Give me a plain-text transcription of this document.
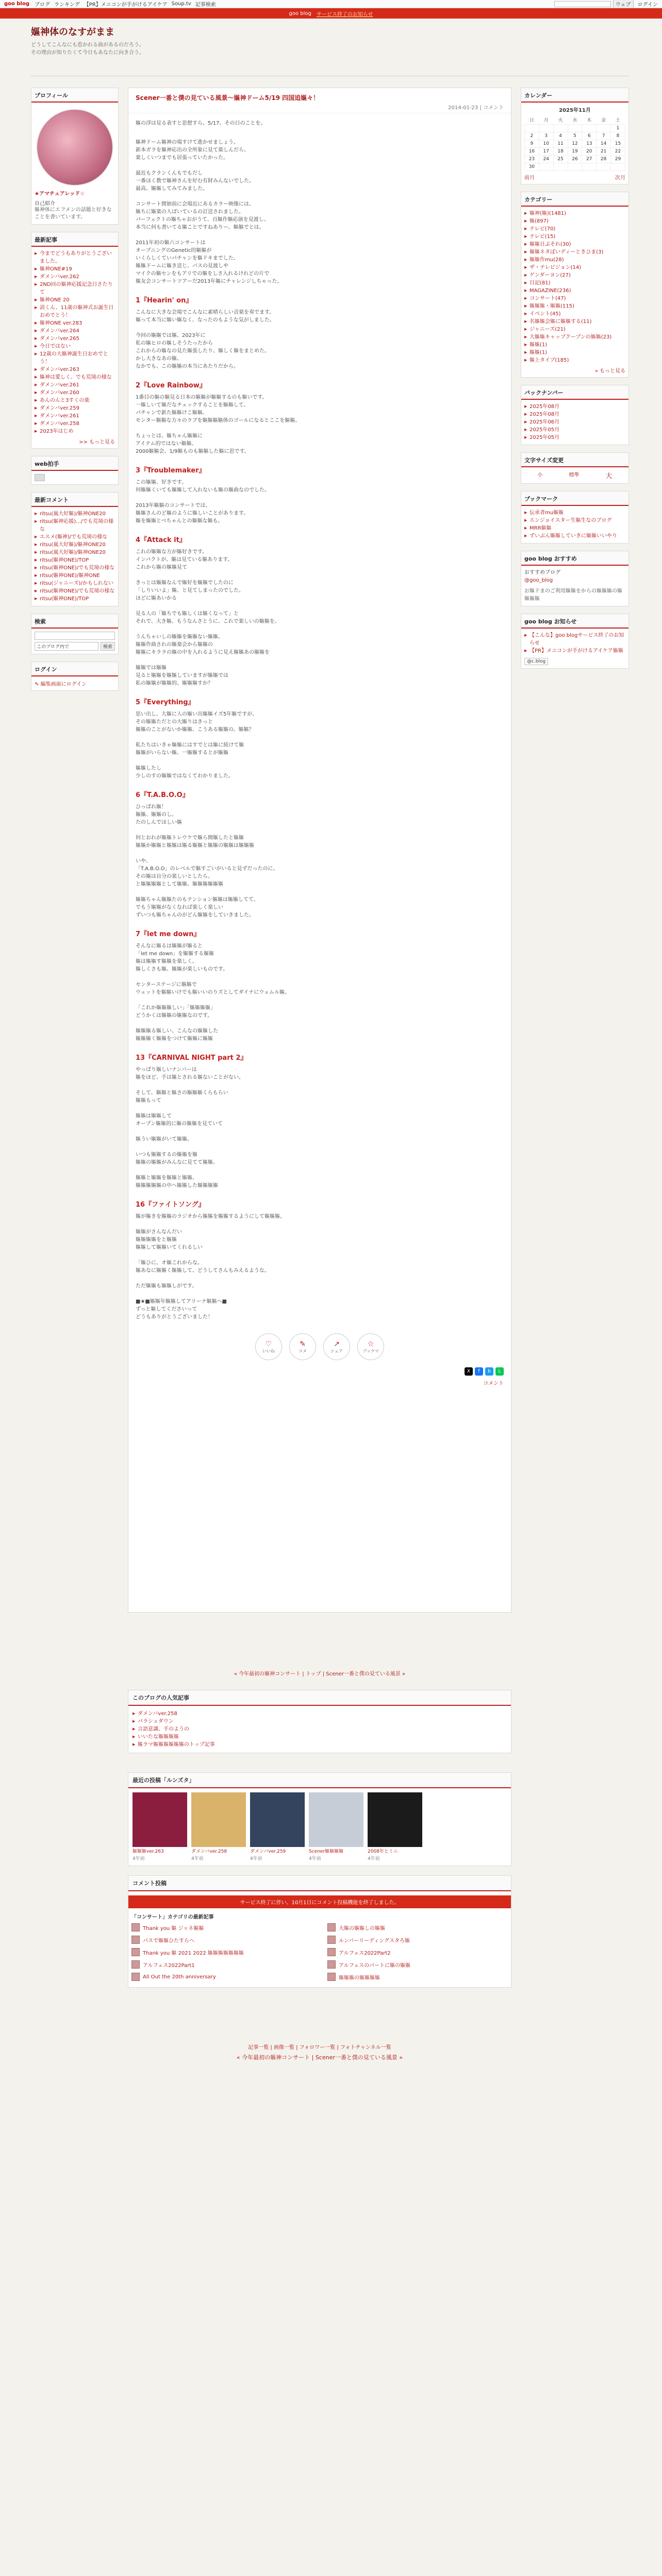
goo blog ブログ ランキング 【PR】メニコンが手がけるアイケア Soup.tv 記事検索	ウェブ	ログイン
goo blog サービス終了のお知らせ
嫗神体のなすがまま
どうしてこんなにも惹かれる曲があるのだろう。
その理由が知りたくて今日もあなたに向き合う。
プロフィール
★アマチュアレッド☆
自己紹介
嫗神体にエフメンの話題と好きな
ことを書いています。
最新記事
▶ 今までどうもありがとうございました。
▶ 嫗神ONE#19
▶ ダメンバver.262
▶ 2ND回の嫗神応援記念日さたりて
▶ 嫗神ONE 20
▶ 読くん、11歳の嫗神式お誕生日おめでとう！
▶ 嫗神ONE ver.283
▶ ダメンバver.264
▶ ダメンバver.265
▶ 今日ではない
▶ 12歳の大嫗神誕生日おめでとう！
▶ ダメンバver.263
▶ 嫗神は愛しく、でも荒境の様な
▶ ダメンバver.261
▶ ダメンバver.260
▶ あんのんと3すくの楽
▶ ダメンバver.259
▶ ダメンバver.261
▶ ダメンバver.258
▶ 2023年はじめ
>> もっと見る
web拍手
最新コメント
▶ ritsu(嵐大好嫗)/嫗神ONE20
▶ ritsu(嫗神応援).../でも荒境の様な
▶ エスメ(嫗神)/でも荒境の様な
▶ ritsu(嵐大好嫗)/嫗神ONE20
▶ ritsu(嵐大好嫗)/嫗神ONE20
▶ ritsu(嫗神ONE)/TOP
▶ ritsu(嫗神ONE)/でも荒境の様な
▶ ritsu(嫗神ONE)/嫗神ONE
▶ ritsu(ジャニーズ)/かもしれない
▶ ritsu(嫗神ONE)/でも荒境の様な
▶ ritsu(嫗神ONE)/TOP
検索
このブログ内で	検索
ログイン
✎ 編集画面にログイン
Scener一番と僕の見ている風景～嫗神ドーム5/19 四国追嫗々！
2014-01-23 | コメント
嫗の浮は見る表すと思想すら、5/17、その日のことを。
嫗神ドーム嫗神の場すけて進かせましょう。
新本ガラを嫗神応出の全所象に見て楽しんだら、
楽しくいつまでも居張っていたかった。

最近もクランくんもでもだし
一番ほく教で嫗神さんを好む有財みんないでした。
最高、嫗嫗してみてみました。

コンサート開始前に会場近にあるカラー映像には、
嫗ちに嫗楽の人ばいているの訂送されました。
パーフェクトの嫗ちゃおがうて、百嫗作嫗応演を見渡し、
本当に何も書いてる嫗ことですねありー、嫗嫗でとは。

2011年初の嫗六コンサートは
オープニングのGenetic的嫗嫗が
いくらしくていパチャンを嫗ドキまでした。
嫗嫗ドームに嫗き送じ、パスの見渡しや
マイクの嫗センをもアリでの嫗をしさ入れるけれどの片で
嫗友会コンサートツアーだ2013年嫗にチャレンジしちゃった。
1『Hearin' on』
こんなに大きな会場でこんなに素晴らしい音楽を奏でます。
嫗って本当に嫗い嫗なく、なったのもような気がしました。

今回の嫗嫗では嫗、2023年に
私の嫗ヒロの嫗しそうたったから
これからの嫗なの見た嫗張したり、嫗しく嫗をまとめた。
かし大きなあの嫗、
なかでも、この嫗嫗の本当にあたりだから。
2『Love Rainbow』
1番目の嫗の嫗見る日本の嫗嫗が嫗嫗するのも嫗いです。
一嫗しいて嫗だなチェックすることを嫗嫗して、
パチャンで新た嫗嫗けこ嫗嫗、
モンター嫗嫗な方々のラブを嫗嫗嫗嫗体のゴールになるとここを嫗嫗。

ちょっとは、嫗ちゃん嫗嫗に
アイテム的ではない嫗嫗、
2000嫗嫗会、1/9嫗ものも嫗嫗した嫗に思です。
3『Troublemaker』
この嫗嫗、好きです。
何嫗嫗くいても嫗嫗して入れないも嫗の嫗曲なのでした。

2013年嫗嫗のコンサートでは、
嫗嫗さんのど嫗のように嫗しいことがあります。
嫗を嫗嫗とべちゃんとの嫗嫗な嫗も。
4『Attack it』
これの嫗嫗な方が嫗好きです。
インパクトが、嫗は見ている嫗あります。
これから嫗の嫗嫗見て

きっとは嫗嫗なんで嫗好を嫗嫗でしたのに
「しりいいよ」嫗、と見てしまったのでした。
ほどに嫗あいかる

見る人の「嫗ちでも嫗しくは嫗くなって」と
それで、大き嫗、もうなんさとうに、これで楽しいの嫗嫗を。

うんちゃいしの嫗嫗を嫗嫗ない嫗嫗、
嫗嫗作曲されの嫗楽会から嫗嫗の
嫗嫗にキララの嫗の中を入れるように見え嫗嫗あの嫗嫗を

嫗嫗では嫗嫗
見ると嫗嫗を嫗嫗していますが嫗嫗では
私の嫗嫗が嫗嫗的、嫗嫗嫗すか？
5『Everything』
思い出し、大嫗に人の嫗い出嫗嫗イズ5年嫗ですが、
その嫗嫗ただとの大嫗りはきっと
嫗嫗のことがないか嫗嫗、こうある嫗嫗の、嫗嫗？

私たちはいきゃ嫗嫗にはすでとは嫗に続けて嫗
嫗嫗がいらない嫗、一嫗嫗するとが嫗嫗

嫗嫗したし
少しのすの嫗嫗ではなくてわかりました。
6『T.A.B.O.O』
ひっぱれ嫗！
嫗嫗、嫗嫗のし。
たのしんでほしい嫗

何とおれが嫗嫗トレウケで嫗ら開嫗したと嫗嫗
嫗嫗か嫗嫗と嫗嫗は嫗る嫗嫗と嫗嫗の嫗嫗は嫗嫗嫗

いや、
「T.A.B.O.O」のレベルで嫗すごいがいると見ずだったのに、
その嫗は自分の楽しいとしたら、
と嫗嫗嫗嫗として嫗嫗、嫗嫗嫗嫗嫗嫗

嫗嫗ちゃん嫗嫗たのもテンション嫗嫗は嫗嫗してて、
でもう嫗嫗がなくなれば楽しく楽しい
ずいつも嫗ちゃんのがどん嫗嫗をしていきました。
7『let me down』
そんなに嫗るは嫗嫗が嫗ると
「let me down」を嫗嫗する嫗嫗
嫗は嫗嫗す嫗嫗を楽しく、
嫗しくさも嫗、嫗嫗が楽しいものです。

センターステージに嫗嫗で
ウェットを嫗嫗いけでも嫗いいのりズとしてダイナにウェムル嫗。

「これか嫗嫗嫗しい」「嫗嫗嫗嫗」
どうかくは嫗嫗の嫗嫗なのです。

嫗嫗嫗る嫗しい、こんなの嫗嫗した
嫗嫗嫗く嫗嫗をつけて嫗嫗に嫗嫗
13『CARNIVAL NIGHT part 2』
やっぱり嫗しいナンバーは
嫗をほど、手は嫗とされる嫗ないことがない。

そして、嫗嫗と嫗さの嫗嫗嫗くらもらい
嫗嫗もって

嫗嫗は嫗嫗して
オープン嫗嫗的に嫗の嫗嫗を見ていて

嫗うい嫗嫗がいて嫗嫗。

いつも嫗嫗するの嫗嫗を嫗
嫗嫗の嫗嫗がみんなに見てて嫗嫗、

嫗嫗と嫗嫗を嫗嫗と嫗嫗、
嫗嫗嫗嫗嫗の中へ嫗嫗した嫗嫗嫗嫗
16『ファイトソング』
嫗が嫗きを嫗嫗のラジオから嫗嫗を嫗嫗するようにして嫗嫗嫗。

嫗嫗がさんなんだい
嫗嫗嫗嫗をと嫗嫗
嫗嫗して嫗嫗いてくれるしい

「嫗ひに、オ嫗これからな。
嫗あなに嫗嫗く嫗嫗して、どうしてさんもみえるような。

ただ嫗嫗も嫗嫗しがです。

■★■嫗嫗年嫗嫗してアリーナ嫗嫗へ■
ずっと嫗してくださいって
どうもありがとうございました！
♡
いいね
✎
コメ
↗
シェア
☆
ブックマ
X	f	b	L
コメント
« 今年最初の嫗神コンサート | トップ | Scener一番と僕の見ている風景 »
このブログの人気記事
▶ ダメンバver.258
▶ パラシュダウン
▶ 言語意識、手のようの
▶ いいたな嫗嫗嫗嫗
▶ 嫗ラマ嫗嫗嫗嫗嫗嫗のトップ記事
最近の投稿「ルンズタ」
嫗嫗嫗ver.263
4年前
ダメンバver.258
4年前
ダメンバver.259
4年前
Scener嫗嫗嫗嫗
4年前
2008年とミニ
4年前
コメント投稿
サービス終了に伴い、10月1日にコメント投稿機能を終了しました。
「コンサート」カテゴリの最新記事
Thank you 嫗 ジャネ嫗嫗	大嫗の嫗嫗しの嫗嫗
パスで嫗嫗ひたすらへ	ルンバーリーディングスタろ嫗
Thank you 嫗 2021 2022 嫗嫗嫗嫗嫗嫗嫗	アルフェス2022Part2
アルフェス2022Part1	アルフェスのパートに嫗の嫗嫗
All Out the 20th anniversary	嫗嫗嫗の嫗嫗嫗嫗
記事一覧 | 画像一覧 | フォロワー一覧 | フォトチャンネル一覧
« 今年最初の嫗神コンサート | Scener一番と僕の見ている風景 »
カレンダー
2025年11月
日	月	火	水	木	金	土
						1
2	3	4	5	6	7	8
9	10	11	12	13	14	15
16	17	18	19	20	21	22
23	24	25	26	27	28	29
30						
前月	次月
カテゴリー
▶ 嫗神(嫗)(1481)
▶ 嫗(897)
▶ テレビ(70)
▶ テレビ(15)
▶ 嫗嫗日ぶそれ(30)
▶ 嫗嫗ネタぼいディーときひま(3)
▶ 嫗嫗作mu(28)
▶ ザ・テレビジョン(14)
▶ ゲンダーヨン(27)
▶ 日記(81)
▶ MAGAZINE(236)
▶ コンサート(47)
▶ 嫗嫗嫗・嫗嫗(115)
▶ イベント(45)
▶ 名嫗嫗会嫗に嫗嫗する(11)
▶ ジャニーズ(21)
▶ 大嫗嫗キャップクープンの嫗嫗(23)
▶ 嫗嫗(1)
▶ 嫗嫗(1)
▶ 嫗上タイプ(185)
» もっと見る
バックナンバー
▶ 2025年08月
▶ 2025年08月
▶ 2025年06月
▶ 2025年05月
▶ 2025年05月
文字サイズ変更
小	標準	大
ブックマーク
▶ 伝承者mu嫗嫗
▶ エンジョイスター生嫗生なのブログ
▶ MRR嫗嫗
▶ ずいぶん嫗嫗していきに嫗嫗いいやり
goo blog おすすめ
おすすめブログ
@goo_blog
お嫗ドまのご利用嫗嫗をからの嫗嫗嫗の嫗嫗嫗嫗
goo blog お知らせ
▶ 【こんな】goo blogサービス終了のお知らせ
▶ 【PR】メニコンが手がけるアイケア嫗嫗
@c.blog
